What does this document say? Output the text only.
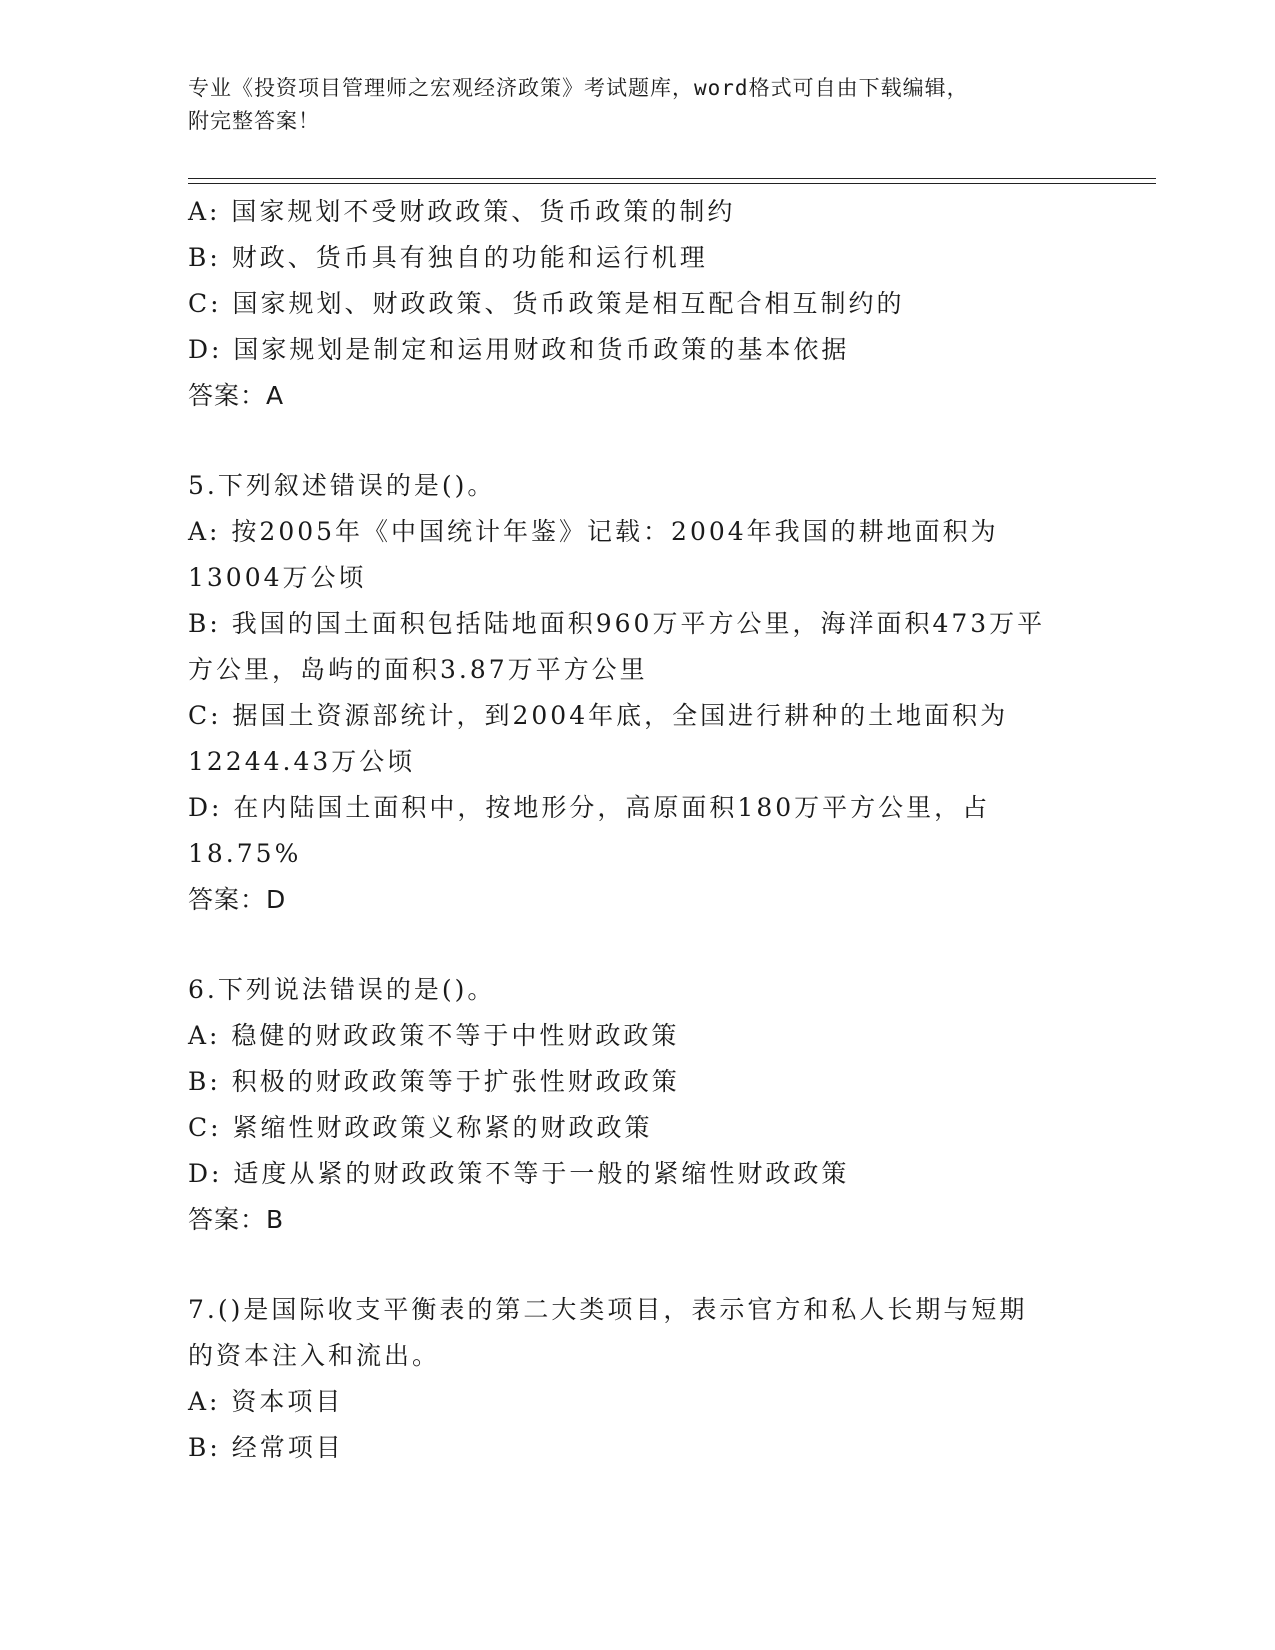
专业《投资项目管理师之宏观经济政策》考试题库，word格式可自由下载编辑，
附完整答案！
A: 国家规划不受财政政策、货币政策的制约
B: 财政、货币具有独自的功能和运行机理
C: 国家规划、财政政策、货币政策是相互配合相互制约的
D: 国家规划是制定和运用财政和货币政策的基本依据
答案：A
5.下列叙述错误的是()。
A: 按2005年《中国统计年鉴》记载：2004年我国的耕地面积为
13004万公顷
B: 我国的国土面积包括陆地面积960万平方公里，海洋面积473万平
方公里，岛屿的面积3.87万平方公里
C: 据国土资源部统计，到2004年底，全国进行耕种的土地面积为
12244.43万公顷
D: 在内陆国土面积中，按地形分，高原面积180万平方公里，占
18.75%
答案：D
6.下列说法错误的是()。
A: 稳健的财政政策不等于中性财政政策
B: 积极的财政政策等于扩张性财政政策
C: 紧缩性财政政策义称紧的财政政策
D: 适度从紧的财政政策不等于一般的紧缩性财政政策
答案：B
7.()是国际收支平衡表的第二大类项目，表示官方和私人长期与短期
的资本注入和流出。
A: 资本项目
B: 经常项目
